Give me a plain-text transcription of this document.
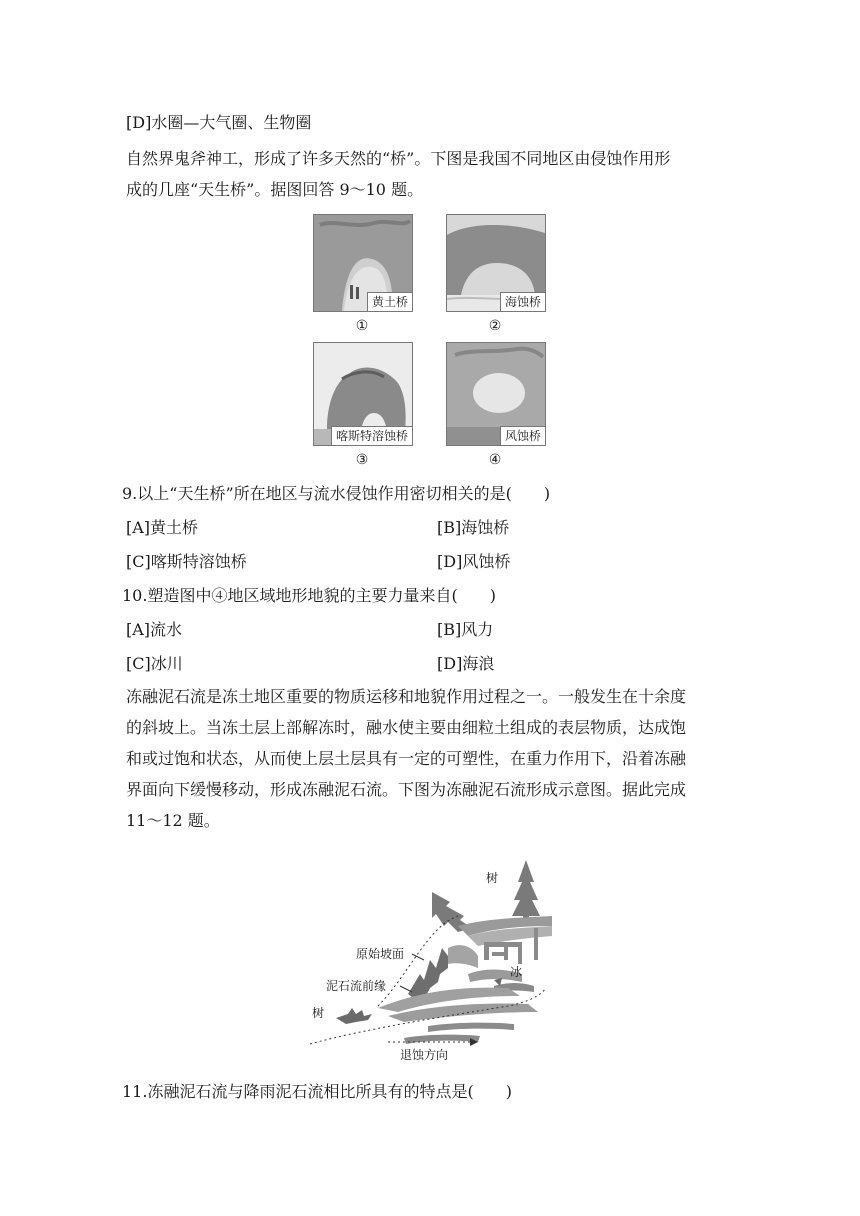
[D]水圈—大气圈、生物圈
自然界鬼斧神工，形成了许多天然的“桥”。下图是我国不同地区由侵蚀作用形
成的几座“天生桥”。据图回答 9～10 题。
黄土桥
①
海蚀桥
②
喀斯特溶蚀桥
③
风蚀桥
④
9.以上“天生桥”所在地区与流水侵蚀作用密切相关的是(　　)
[A]黄土桥	[B]海蚀桥
[C]喀斯特溶蚀桥	[D]风蚀桥
10.塑造图中④地区域地形地貌的主要力量来自(　　)
[A]流水	[B]风力
[C]冰川	[D]海浪
冻融泥石流是冻土地区重要的物质运移和地貌作用过程之一。一般发生在十余度
的斜坡上。当冻土层上部解冻时，融水使主要由细粒土组成的表层物质，达成饱
和或过饱和状态，从而使上层土层具有一定的可塑性，在重力作用下，沿着冻融
界面向下缓慢移动，形成冻融泥石流。下图为冻融泥石流形成示意图。据此完成
11～12 题。
树
原始坡面
冰
泥石流前缘
树
退蚀方向
11.冻融泥石流与降雨泥石流相比所具有的特点是(　　)
